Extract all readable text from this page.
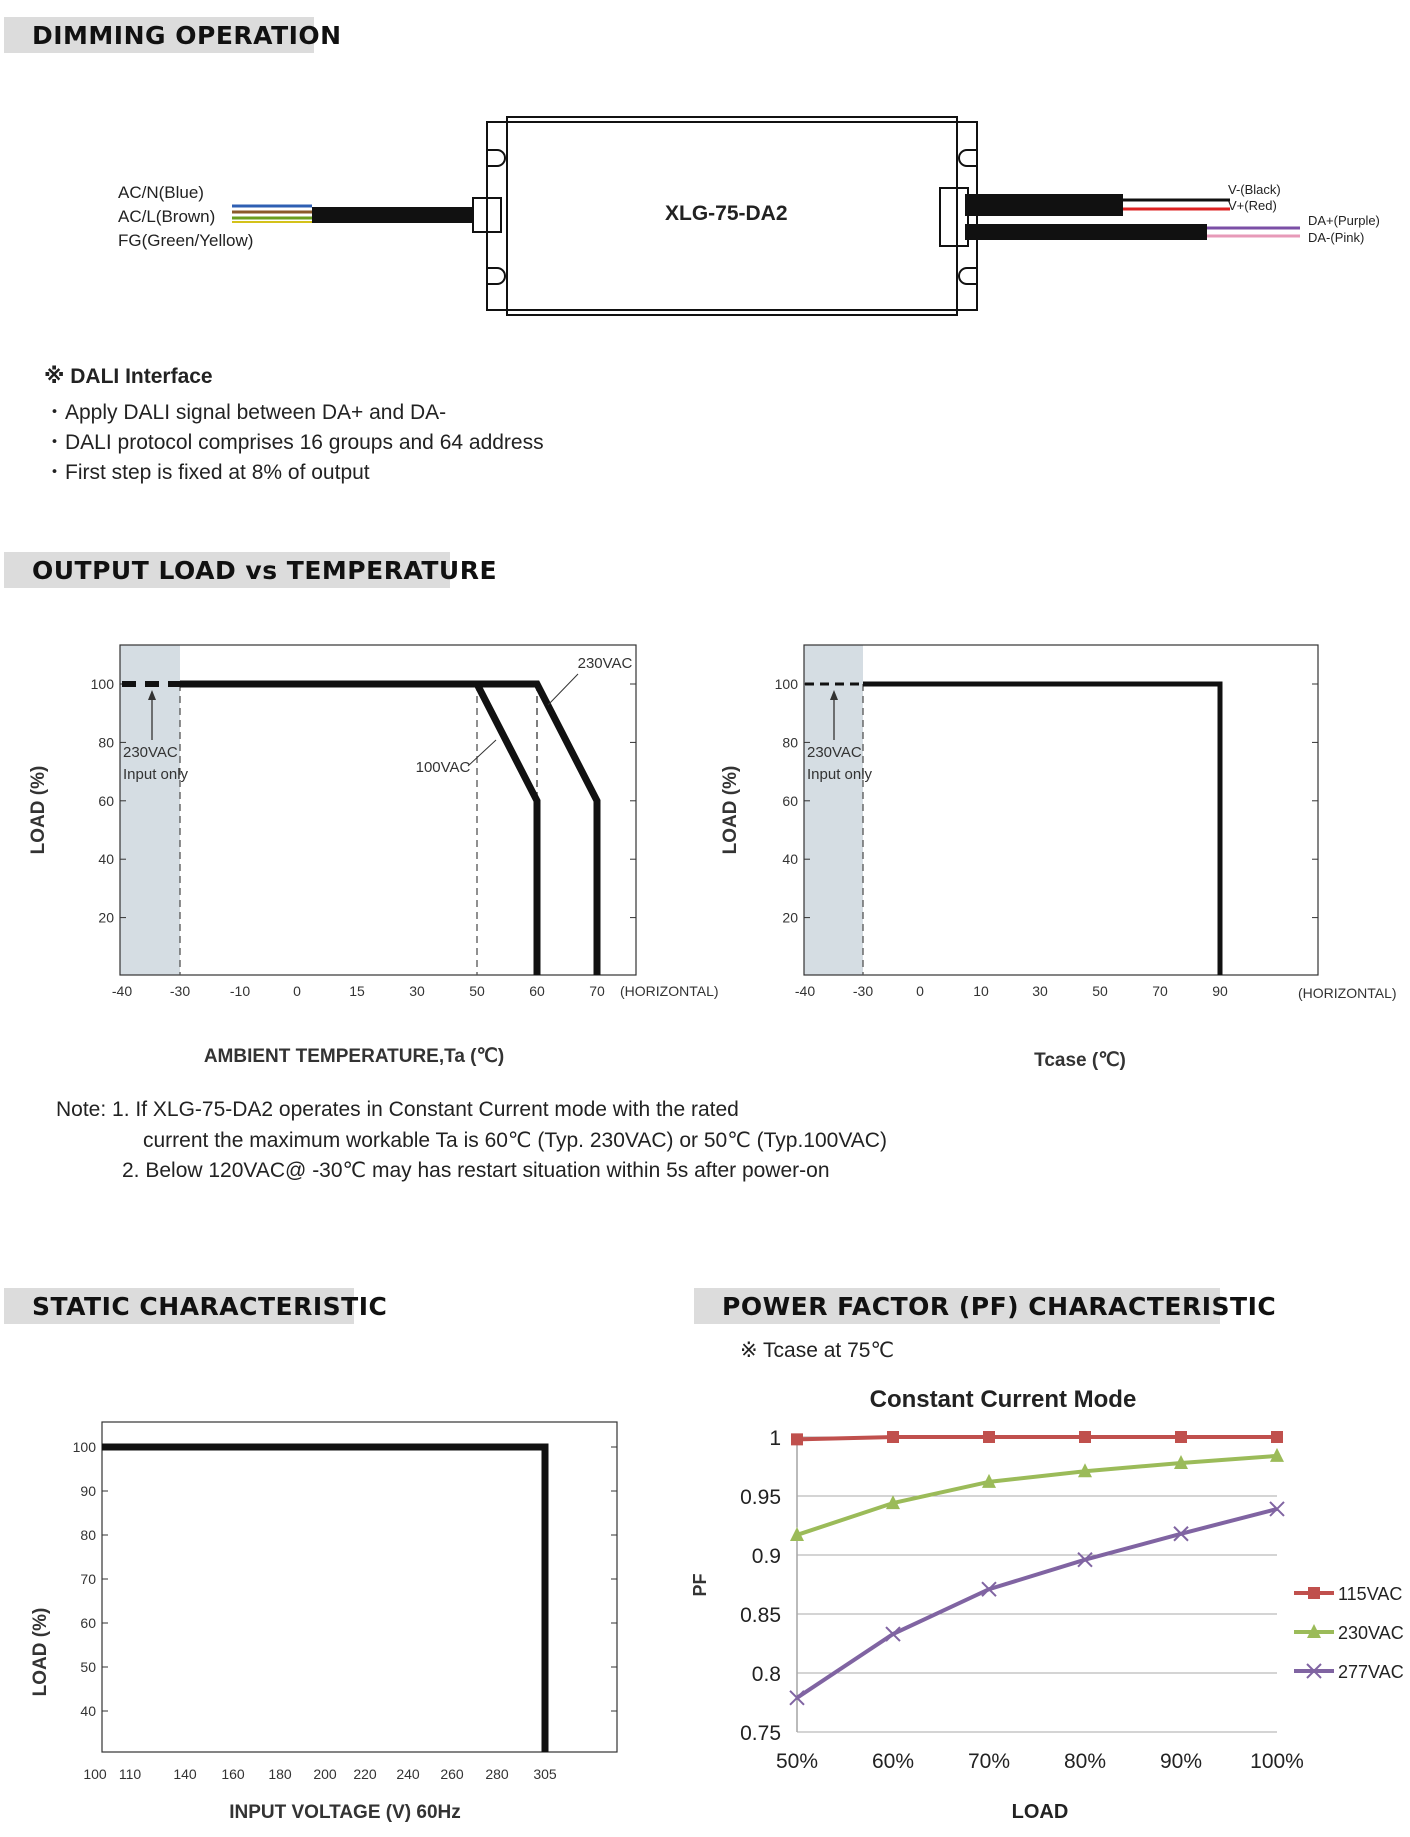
DIMMING OPERATION
OUTPUT LOAD vs TEMPERATURE
STATIC CHARACTERISTIC	POWER FACTOR (PF) CHARACTERISTIC
XLG-75-DA2
AC/N(Blue)
AC/L(Brown)
FG(Green/Yellow)
V-(Black)
V+(Red)
DA+(Purple)
DA-(Pink)
※ DALI Interface
・Apply DALI signal between DA+ and DA-
・DALI protocol comprises 16 groups and 64 address
・First step is fixed at 8% of output
100
80
60
40
20
-40	-30	-10	0	15	30	50	60	70 (HORIZONTAL)
230VAC
100VAC
230VAC
Input only
LOAD (%)
AMBIENT TEMPERATURE,Ta (℃)
100
80
60
40
20
-40	-30	0	10	30	50	70	90	(HORIZONTAL)
230VAC
Input only
LOAD (%)
Tcase (℃)
100
90
80
70
60
50
40
100 110 140 160 180 200 220 240 260 280 305
LOAD (%)
INPUT VOLTAGE (V) 60Hz
Constant Current Mode
1
0.95
0.9
0.85
0.8
0.75
50%	60%	70%	80%	90% 100%
115VAC
230VAC
277VAC
PF
LOAD
Note: 1. If XLG-75-DA2 operates in Constant Current mode with the rated
current the maximum workable Ta is 60℃ (Typ. 230VAC) or 50℃ (Typ.100VAC)
2. Below 120VAC@ -30℃ may has restart situation within 5s after power-on
※ Tcase at 75℃
